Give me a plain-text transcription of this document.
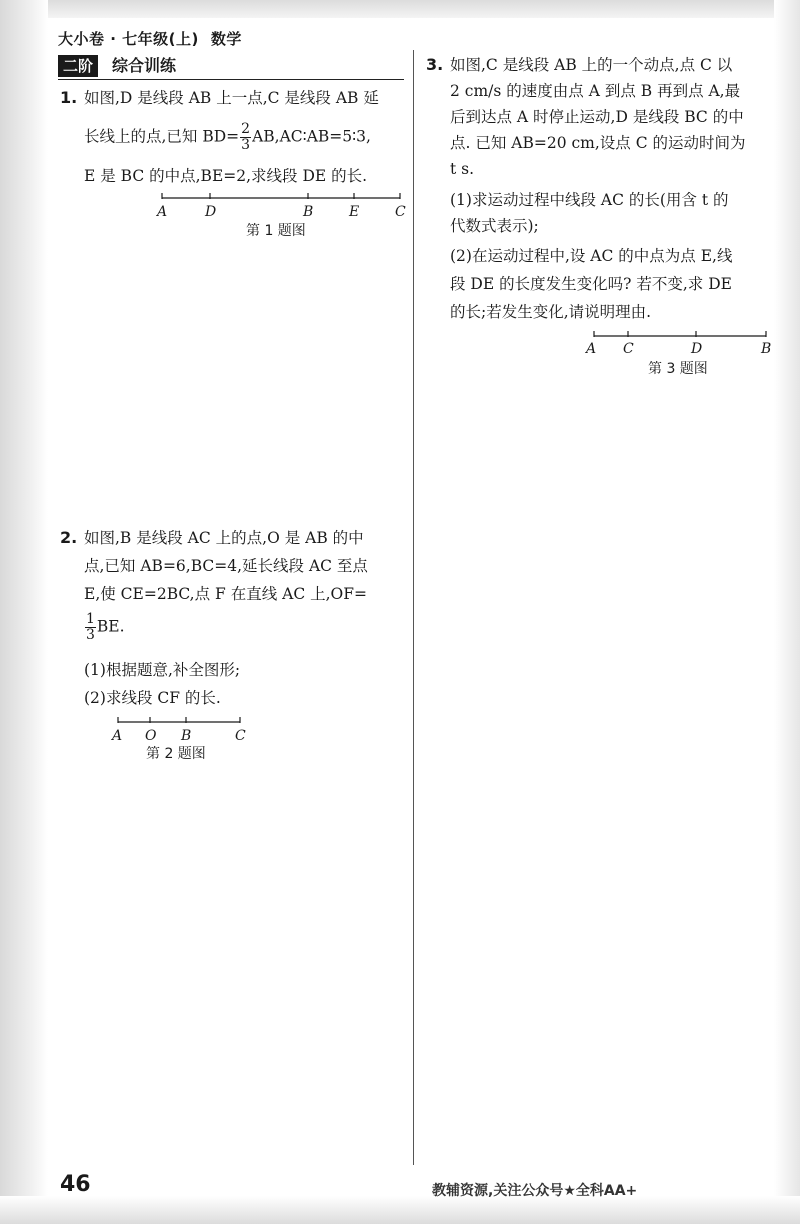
大小卷 · 七年级(上) 数学
二阶	综合训练
1. 如图,D 是线段 AB 上一点,C 是线段 AB 延
长线上的点,已知 $BD= \frac{2}{3}$ AB,AC∶AB=5∶3,
E 是 BC 的中点,BE=2,求线段 DE 的长.
A	D	B	E	C
第 1 题图
2. 如图,B 是线段 AC 上的点,O 是 AB 的中
点,已知 AB=6,BC=4,延长线段 AC 至点
E,使 CE=2BC,点 F 在直线 AC 上,OF=
$\frac{1}{3}$ BE.
(1)根据题意,补全图形;
(2)求线段 CF 的长.
A O B	C
第 2 题图
3. 如图,C 是线段 AB 上的一个动点,点 C 以
2 cm/s 的速度由点 A 到点 B 再到点 A,最
后到达点 A 时停止运动,D 是线段 BC 的中
点. 已知 AB=20 cm,设点 C 的运动时间为
t s.
(1)求运动过程中线段 AC 的长(用含 t 的
代数式表示);
(2)在运动过程中,设 AC 的中点为点 E,线
段 DE 的长度发生变化吗? 若不变,求 DE
的长;若发生变化,请说明理由.
A C	D	B
第 3 题图
46	教辅资源,关注公众号★全科AA+
